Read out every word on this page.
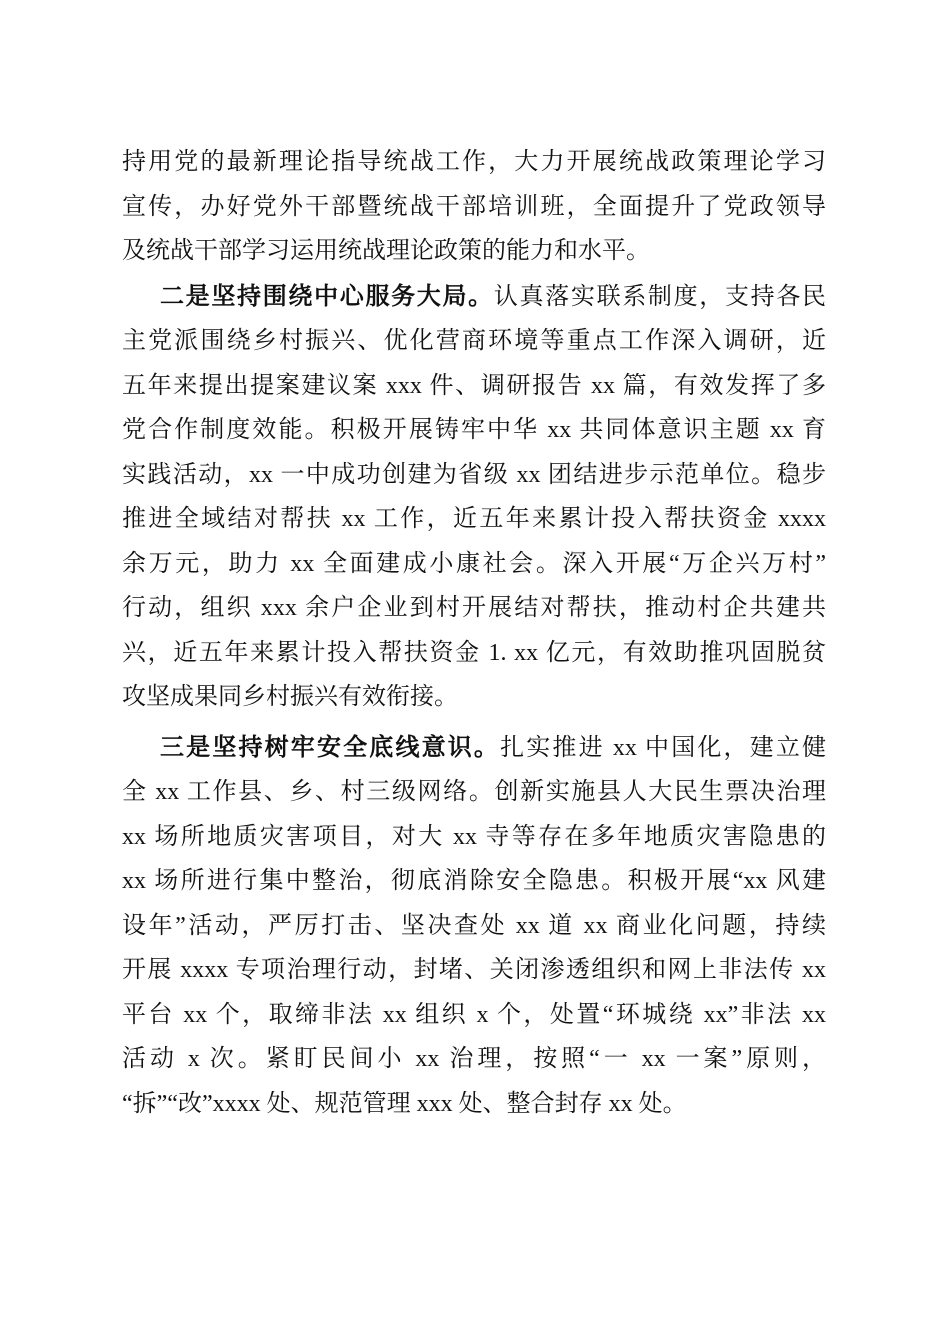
持用党的最新理论指导统战工作，大力开展统战政策理论学习
宣传，办好党外干部暨统战干部培训班，全面提升了党政领导
及统战干部学习运用统战理论政策的能力和水平。
二是坚持围绕中心服务大局。认真落实联系制度，支持各民
主党派围绕乡村振兴、优化营商环境等重点工作深入调研，近
五年来提出提案建议案 xxx 件、调研报告 xx 篇，有效发挥了多
党合作制度效能。积极开展铸牢中华 xx 共同体意识主题 xx 育
实践活动，xx 一中成功创建为省级 xx 团结进步示范单位。稳步
推进全域结对帮扶 xx 工作，近五年来累计投入帮扶资金 xxxx
余万元，助力 xx 全面建成小康社会。深入开展“万企兴万村”
行动，组织 xxx 余户企业到村开展结对帮扶，推动村企共建共
兴，近五年来累计投入帮扶资金 1. xx 亿元，有效助推巩固脱贫
攻坚成果同乡村振兴有效衔接。
三是坚持树牢安全底线意识。扎实推进 xx 中国化，建立健
全 xx 工作县、乡、村三级网络。创新实施县人大民生票决治理
xx 场所地质灾害项目，对大 xx 寺等存在多年地质灾害隐患的
xx 场所进行集中整治，彻底消除安全隐患。积极开展“xx 风建
设年”活动，严厉打击、坚决查处 xx 道 xx 商业化问题，持续
开展 xxxx 专项治理行动，封堵、关闭渗透组织和网上非法传 xx
平台 xx 个，取缔非法 xx 组织 x 个，处置“环城绕 xx”非法 xx
活动 x 次。紧盯民间小 xx 治理，按照“一 xx 一案”原则，
“拆”“改”xxxx 处、规范管理 xxx 处、整合封存 xx 处。
